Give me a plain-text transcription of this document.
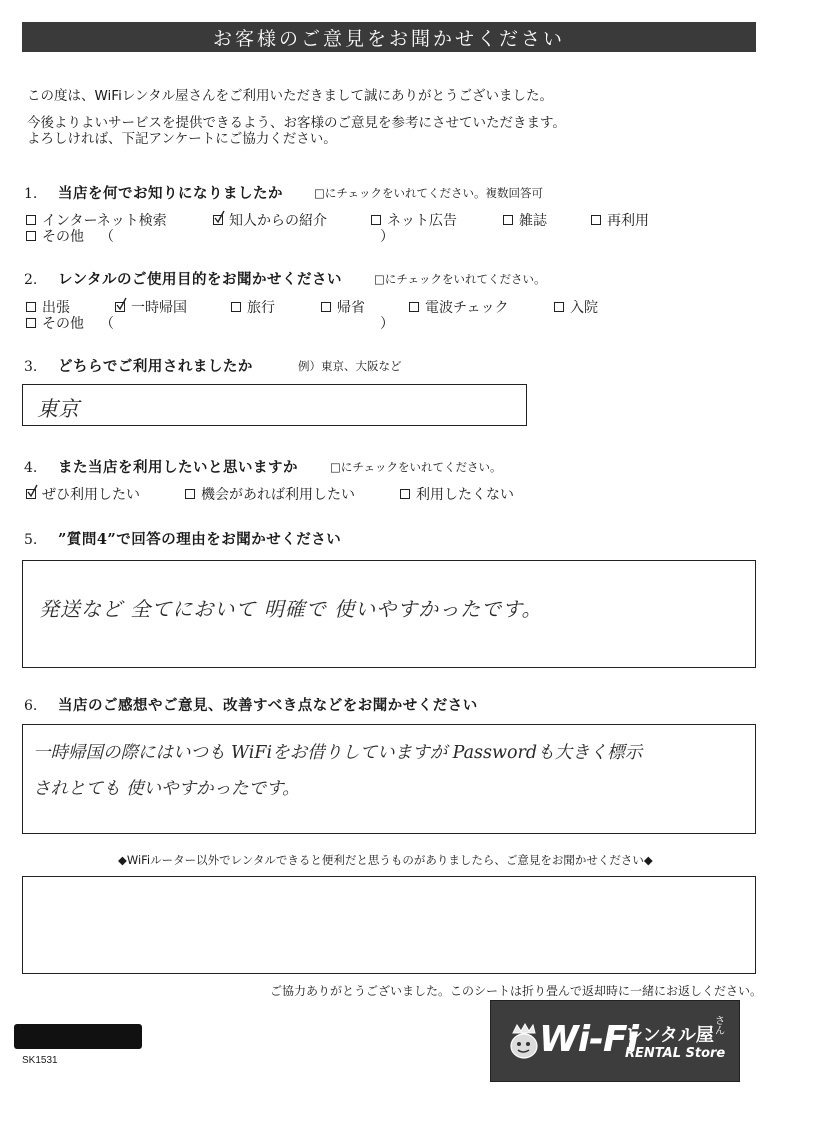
お客様のご意見をお聞かせください
この度は、WiFiレンタル屋さんをご利用いただきまして誠にありがとうございました。
今後よりよいサービスを提供できるよう、お客様のご意見を参考にさせていただきます。
よろしければ、下記アンケートにご協力ください。
1.	当店を何でお知りになりましたか	□ にチェックをいれてください。複数回答可
インターネット検索	知人からの紹介	ネット広告	雑誌	再利用
その他 （	）
2.	レンタルのご使用目的をお聞かせください	□ にチェックをいれてください。
出張	一時帰国	旅行	帰省	電波チェック	入院
その他 （	）
3.	どちらでご利用されましたか	例）東京、大阪など
東京
4.	また当店を利用したいと思いますか	□ にチェックをいれてください。
ぜひ利用したい	機会があれば利用したい	利用したくない
5.	”質問4”で回答の理由をお聞かせください
発送など 全てにおいて 明確で 使いやすかったです。
6.	当店のご感想やご意見、改善すべき点などをお聞かせください
一時帰国の際にはいつも WiFiをお借りしていますが Passwordも大きく標示
されとても 使いやすかったです。
◆WiFiルーター以外でレンタルできると便利だと思うものがありましたら、ご意見をお聞かせください◆
ご協力ありがとうございました。このシートは折り畳んで返却時に一緒にお返しください。
SK1531
Wi-Fi
レンタル屋
さん
RENTAL Store
